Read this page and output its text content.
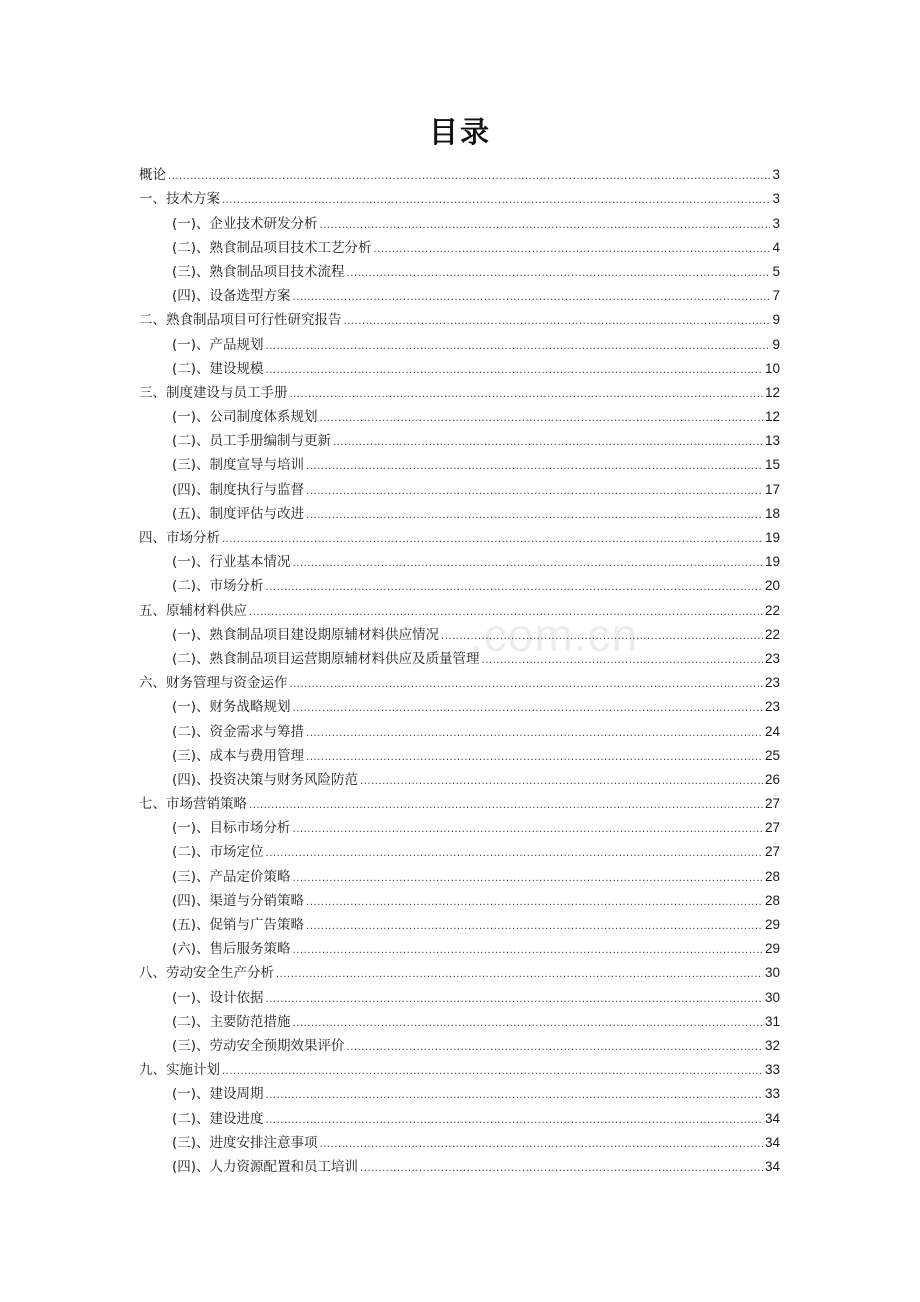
目录
概论 .....	3
一、技术方案 .....	3
(一)、企业技术研发分析 .....	3
(二)、熟食制品项目技术工艺分析 .....	4
(三)、熟食制品项目技术流程 .....	5
(四)、设备选型方案 .....	7
二、熟食制品项目可行性研究报告 .....	9
(一)、产品规划 .....	9
(二)、建设规模 .....	10
三、制度建设与员工手册 .....	12
(一)、公司制度体系规划 .....	12
(二)、员工手册编制与更新 .....	13
(三)、制度宣导与培训 .....	15
(四)、制度执行与监督 .....	17
(五)、制度评估与改进 .....	18
四、市场分析 .....	19
(一)、行业基本情况 .....	19
(二)、市场分析 .....	20
五、原辅材料供应 .....	22
(一)、熟食制品项目建设期原辅材料供应情况 .....	22
(二)、熟食制品项目运营期原辅材料供应及质量管理 .....	23
六、财务管理与资金运作 .....	23
(一)、财务战略规划 .....	23
(二)、资金需求与筹措 .....	24
(三)、成本与费用管理 .....	25
(四)、投资决策与财务风险防范 .....	26
七、市场营销策略 .....	27
(一)、目标市场分析 .....	27
(二)、市场定位 .....	27
(三)、产品定价策略 .....	28
(四)、渠道与分销策略 .....	28
(五)、促销与广告策略 .....	29
(六)、售后服务策略 .....	29
八、劳动安全生产分析 .....	30
(一)、设计依据 .....	30
(二)、主要防范措施 .....	31
(三)、劳动安全预期效果评价 .....	32
九、实施计划 .....	33
(一)、建设周期 .....	33
(二)、建设进度 .....	34
(三)、进度安排注意事项 .....	34
(四)、人力资源配置和员工培训 .....	34
.com.cn
